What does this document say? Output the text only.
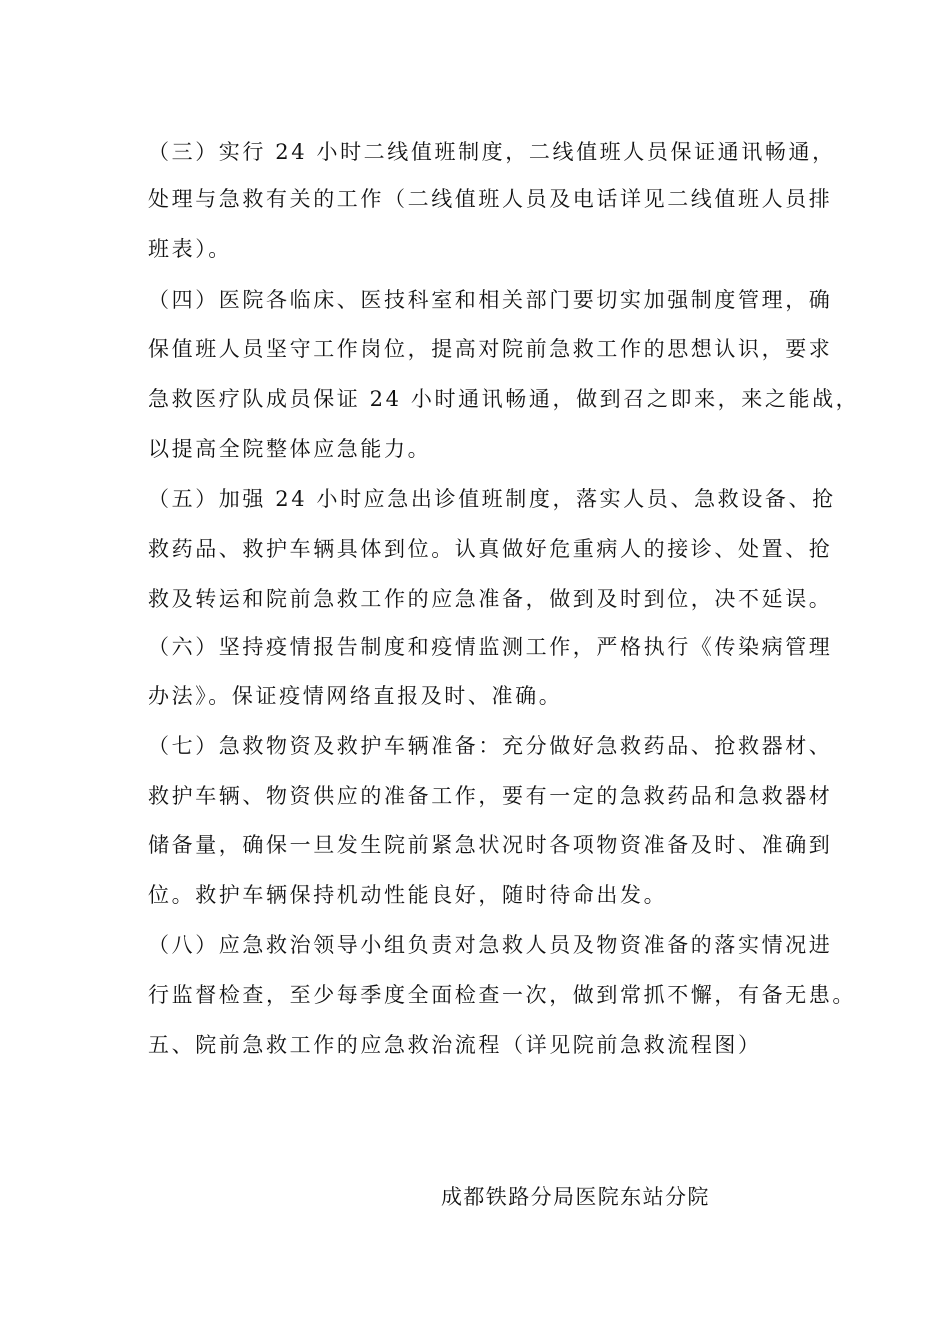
（三）实行 24 小时二线值班制度，二线值班人员保证通讯畅通，
处理与急救有关的工作（二线值班人员及电话详见二线值班人员排
班表）。
（四）医院各临床、医技科室和相关部门要切实加强制度管理，确
保值班人员坚守工作岗位，提高对院前急救工作的思想认识，要求
急救医疗队成员保证 24 小时通讯畅通，做到召之即来，来之能战，
以提高全院整体应急能力。
（五）加强 24 小时应急出诊值班制度，落实人员、急救设备、抢
救药品、救护车辆具体到位。认真做好危重病人的接诊、处置、抢
救及转运和院前急救工作的应急准备，做到及时到位，决不延误。
（六）坚持疫情报告制度和疫情监测工作，严格执行《传染病管理
办法》。保证疫情网络直报及时、准确。
（七）急救物资及救护车辆准备：充分做好急救药品、抢救器材、
救护车辆、物资供应的准备工作，要有一定的急救药品和急救器材
储备量，确保一旦发生院前紧急状况时各项物资准备及时、准确到
位。救护车辆保持机动性能良好，随时待命出发。
（八）应急救治领导小组负责对急救人员及物资准备的落实情况进
行监督检查，至少每季度全面检查一次，做到常抓不懈，有备无患。
五、院前急救工作的应急救治流程（详见院前急救流程图）
成都铁路分局医院东站分院
